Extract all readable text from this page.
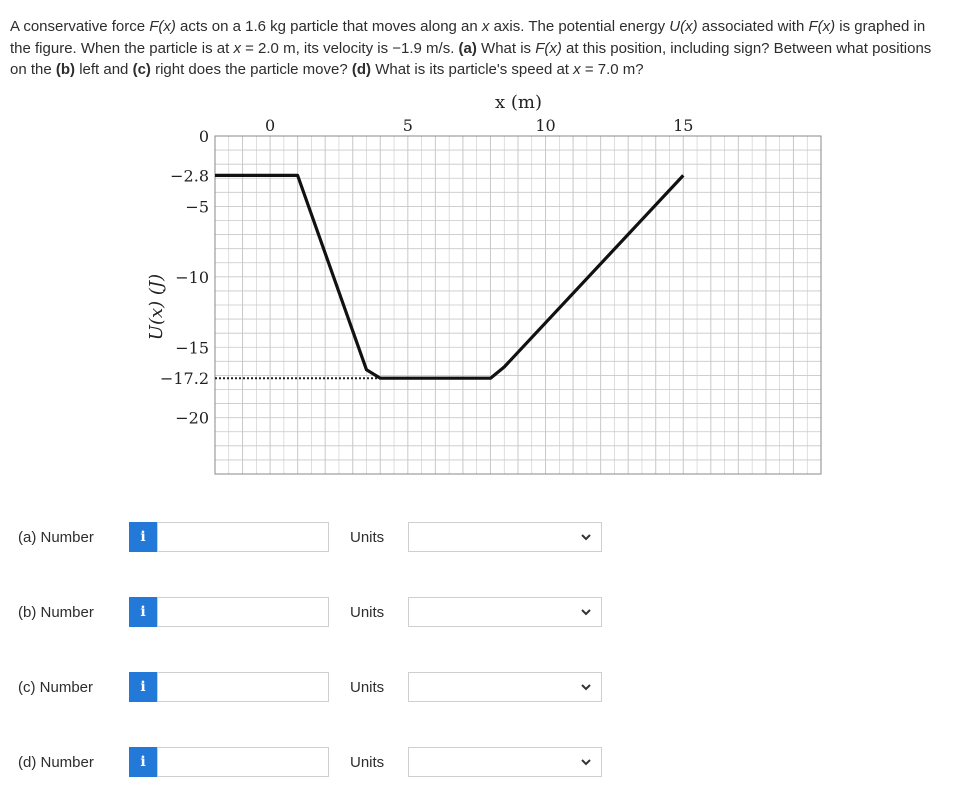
A conservative force F(x) acts on a 1.6 kg particle that moves along an x axis. The potential energy U(x) associated with F(x) is graphed in the figure. When the particle is at x = 2.0 m, its velocity is −1.9 m/s. (a) What is F(x) at this position, including sign? Between what positions on the (b) left and (c) right does the particle move? (d) What is its particle's speed at x = 7.0 m?

0	5	10	15
0
−2.8
−5
−10
−15
−17.2
−20
x (m)
U(x) (J)
(a) Number	i	Units
(b) Number	i	Units
(c) Number	i	Units
(d) Number	i	Units
